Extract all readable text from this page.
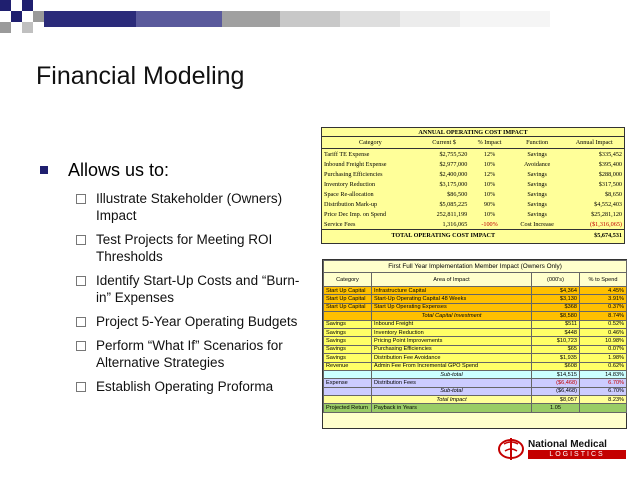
Financial Modeling
Allows us to:
Illustrate Stakeholder (Owners) Impact
Test Projects for Meeting ROI Thresholds
Identify Start-Up Costs and “Burn-in” Expenses
Project 5-Year Operating Budgets
Perform “What If” Scenarios for Alternative Strategies
Establish Operating Proforma
ANNUAL OPERATING COST IMPACT				
Category	Current $	% Impact	Function	Annual Impact
Tariff TE Expense	$2,755,520	12%	Savings	$335,452
Inbound Freight Expense	$2,977,000	10%	Avoidance	$395,400
Purchasing Efficiencies	$2,400,000	12%	Savings	$288,000
Inventory Reduction	$3,175,000	10%	Savings	$317,500
Space Re-allocation	$86,500	10%	Savings	$8,650
Distribution Mark-up	$5,085,225	90%	Savings	$4,552,403
Price Dec Imp. on Spend	252,811,199	10%	Savings	$25,281,120
Service Fees	1,316,065	-100%	Cost Increase	($1,316,065)
TOTAL OPERATING COST IMPACT				$5,674,531
First Full Year Implementation Member Impact (Owners Only)			
Category	Area of Impact	(000's)	% to Spend
Start Up Capital	Infrastructure Capital	$4,364	4.45%
Start Up Capital	Start-Up Operating Capital 48 Weeks	$3,130	3.91%
Start Up Capital	Start Up Operating Expenses	$368	0.37%
	Total Capital Investment	$8,580	8.74%
Savings	Inbound Freight	$511	0.52%
Savings	Inventory Reduction	$448	0.46%
Savings	Pricing Point Improvements	$10,723	10.98%
Savings	Purchasing Efficiencies	$65	0.07%
Savings	Distribution Fee Avoidance	$1,935	1.98%
Revenue	Admin Fee From Incremental GPO Spend	$608	0.62%
	Sub-total	$14,515	14.83%
Expense	Distribution Fees	($6,468)	6.70%
	Sub-total	($6,468)	6.70%
	Total Impact	$8,057	8.23%
Projected Return	Payback in Years	1.05	
National Medical
LOGISTICS
